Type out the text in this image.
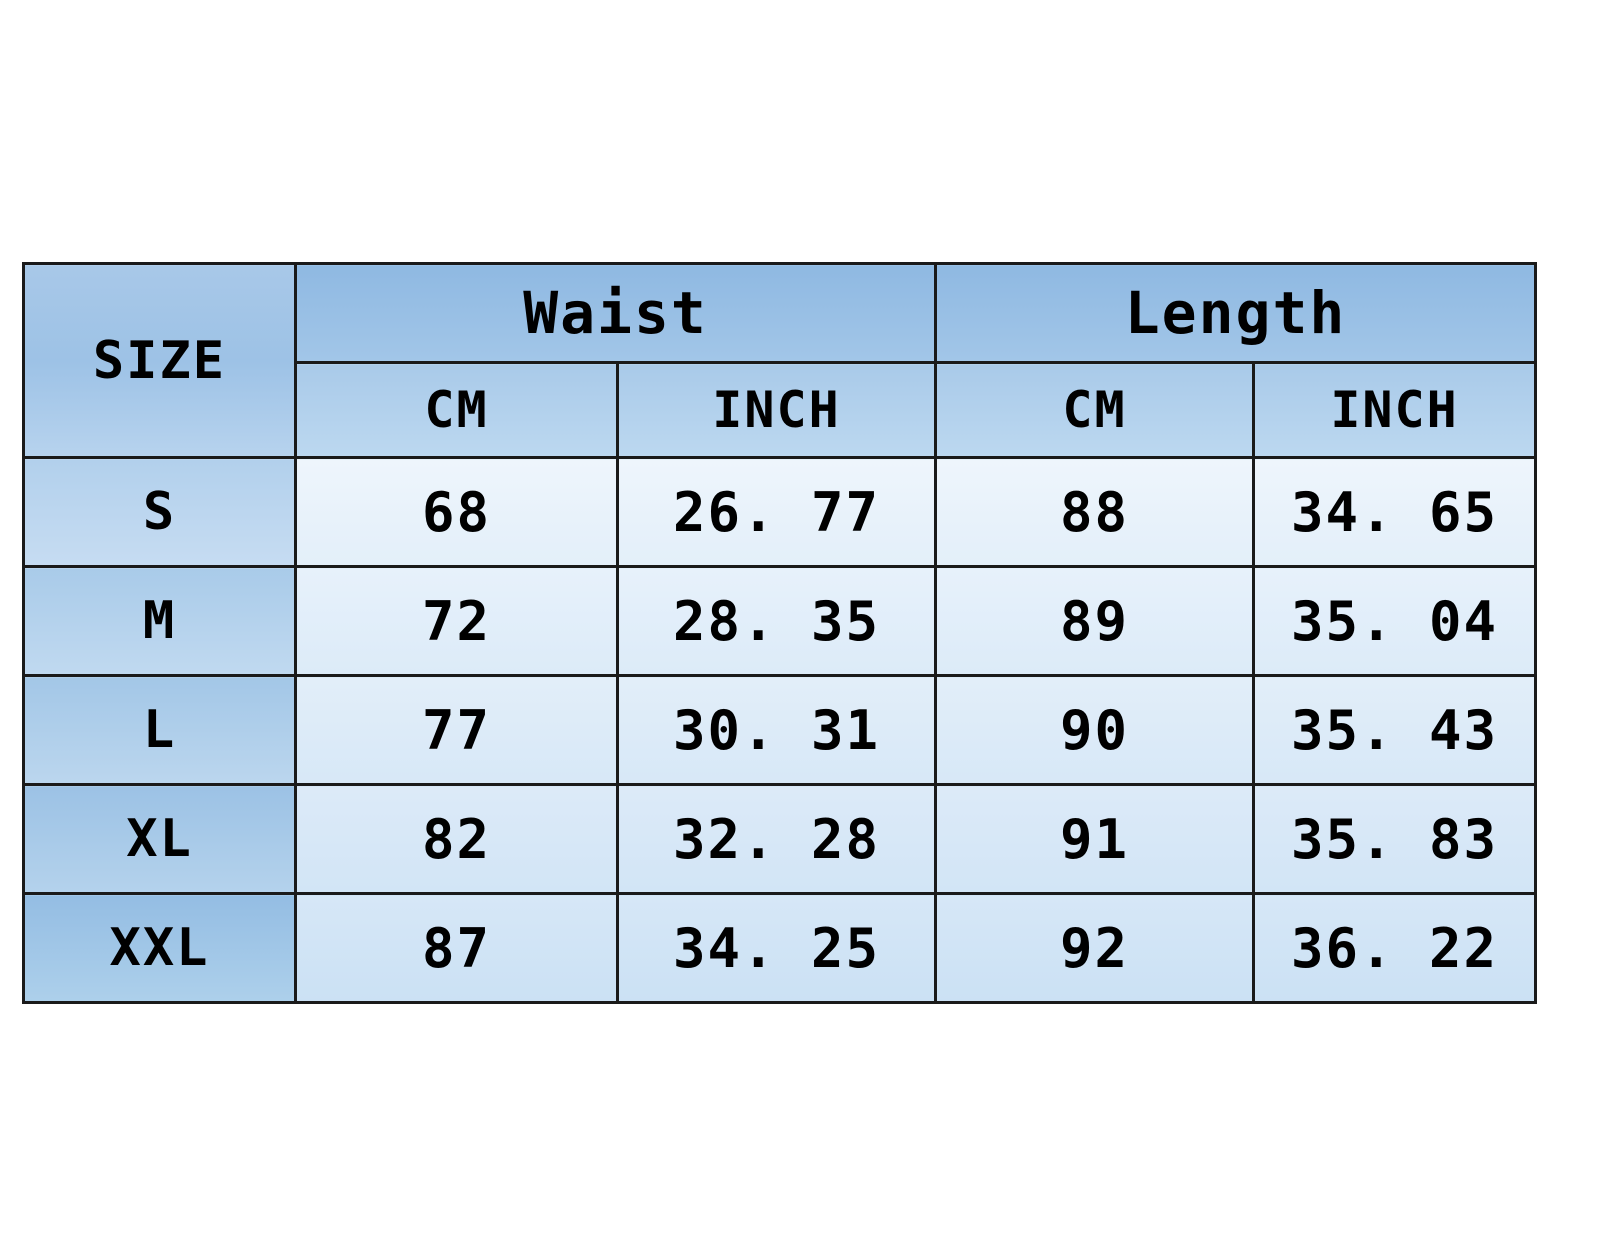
SIZE	Waist		Length	
	CM	INCH	CM	INCH
S	68	26. 77	88	34. 65
M	72	28. 35	89	35. 04
L	77	30. 31	90	35. 43
XL	82	32. 28	91	35. 83
XXL	87	34. 25	92	36. 22
